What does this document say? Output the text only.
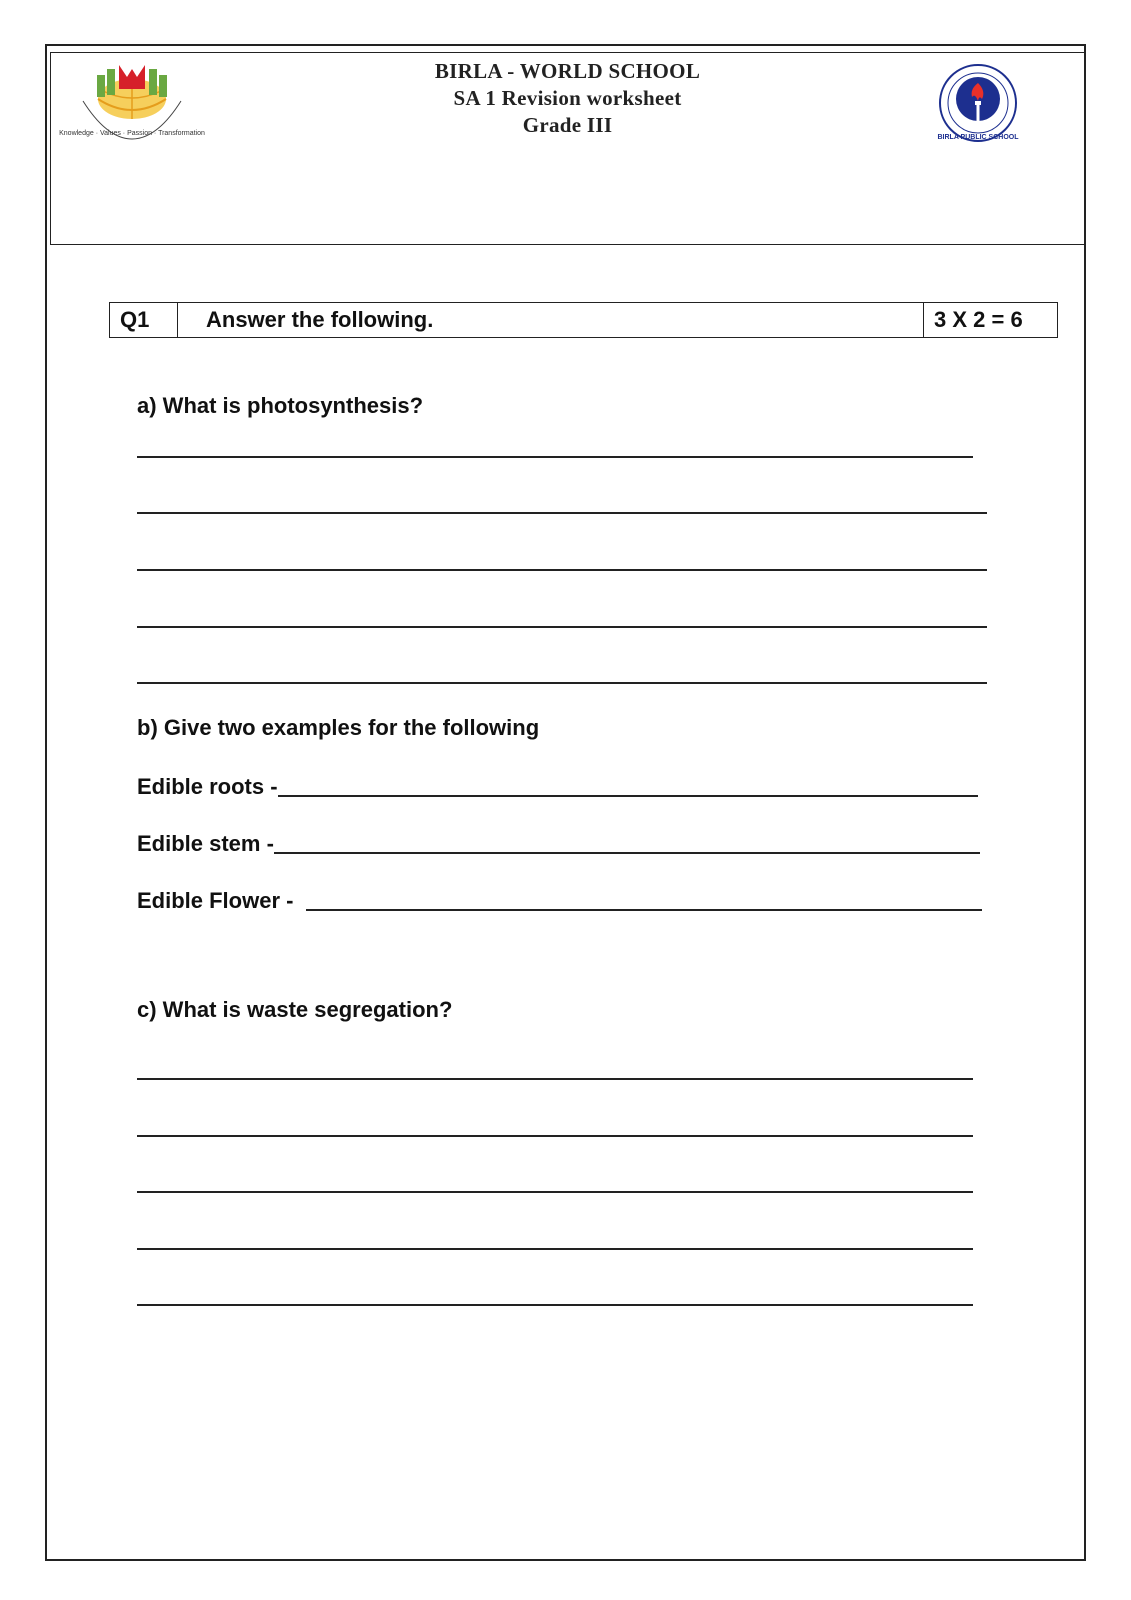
Knowledge · Values · Passion · Transformation
BIRLA - WORLD SCHOOL
SA 1 Revision worksheet
Grade III
BIRLA PUBLIC SCHOOL
Q1	Answer the following.	3 X 2 = 6
a) What is photosynthesis?
b) Give two examples for the following
Edible roots -
Edible stem -
Edible Flower -
c) What is waste segregation?
